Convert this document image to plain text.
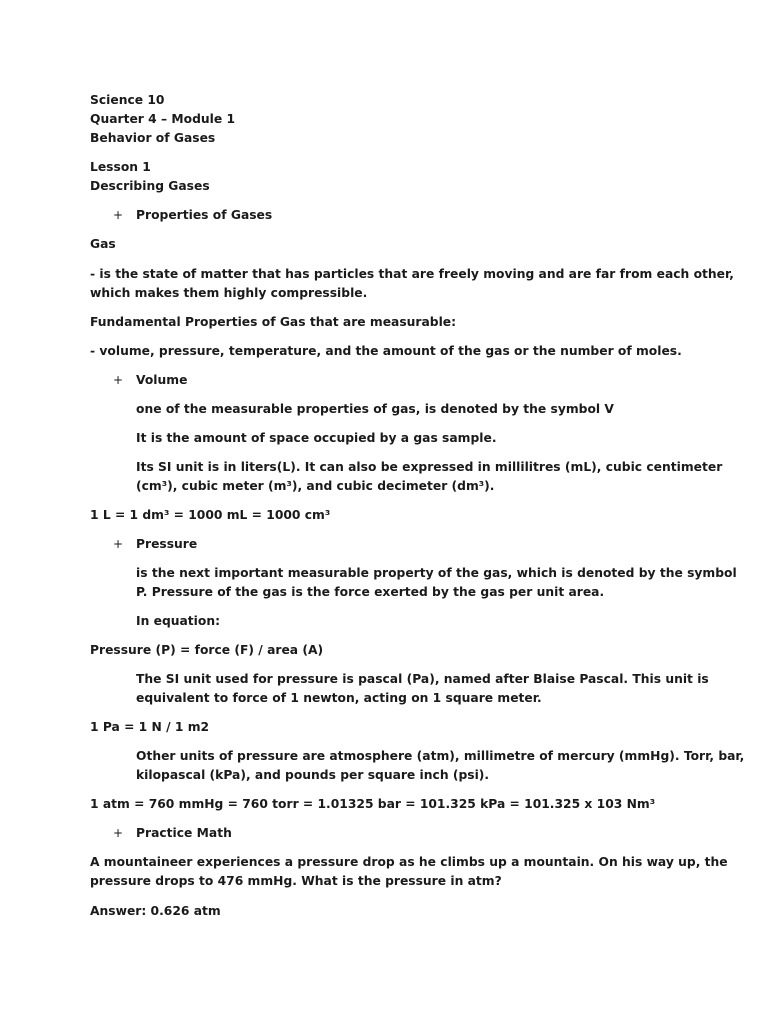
Science 10
Quarter 4 – Module 1
Behavior of Gases
Lesson 1
Describing Gases
+ Properties of Gases
Gas
- is the state of matter that has particles that are freely moving and are far from each other,
which makes them highly compressible.
Fundamental Properties of Gas that are measurable:
- volume, pressure, temperature, and the amount of the gas or the number of moles.
+ Volume
one of the measurable properties of gas, is denoted by the symbol V
It is the amount of space occupied by a gas sample.
Its SI unit is in liters(L). It can also be expressed in millilitres (mL), cubic centimeter
(cm³), cubic meter (m³), and cubic decimeter (dm³).
1 L = 1 dm³ = 1000 mL = 1000 cm³
+ Pressure
is the next important measurable property of the gas, which is denoted by the symbol
P. Pressure of the gas is the force exerted by the gas per unit area.
In equation:
Pressure (P) = force (F) / area (A)
The SI unit used for pressure is pascal (Pa), named after Blaise Pascal. This unit is
equivalent to force of 1 newton, acting on 1 square meter.
1 Pa = 1 N / 1 m2
Other units of pressure are atmosphere (atm), millimetre of mercury (mmHg). Torr, bar,
kilopascal (kPa), and pounds per square inch (psi).
1 atm = 760 mmHg = 760 torr = 1.01325 bar = 101.325 kPa = 101.325 x 103 Nm³
+ Practice Math
A mountaineer experiences a pressure drop as he climbs up a mountain. On his way up, the
pressure drops to 476 mmHg. What is the pressure in atm?
Answer: 0.626 atm
